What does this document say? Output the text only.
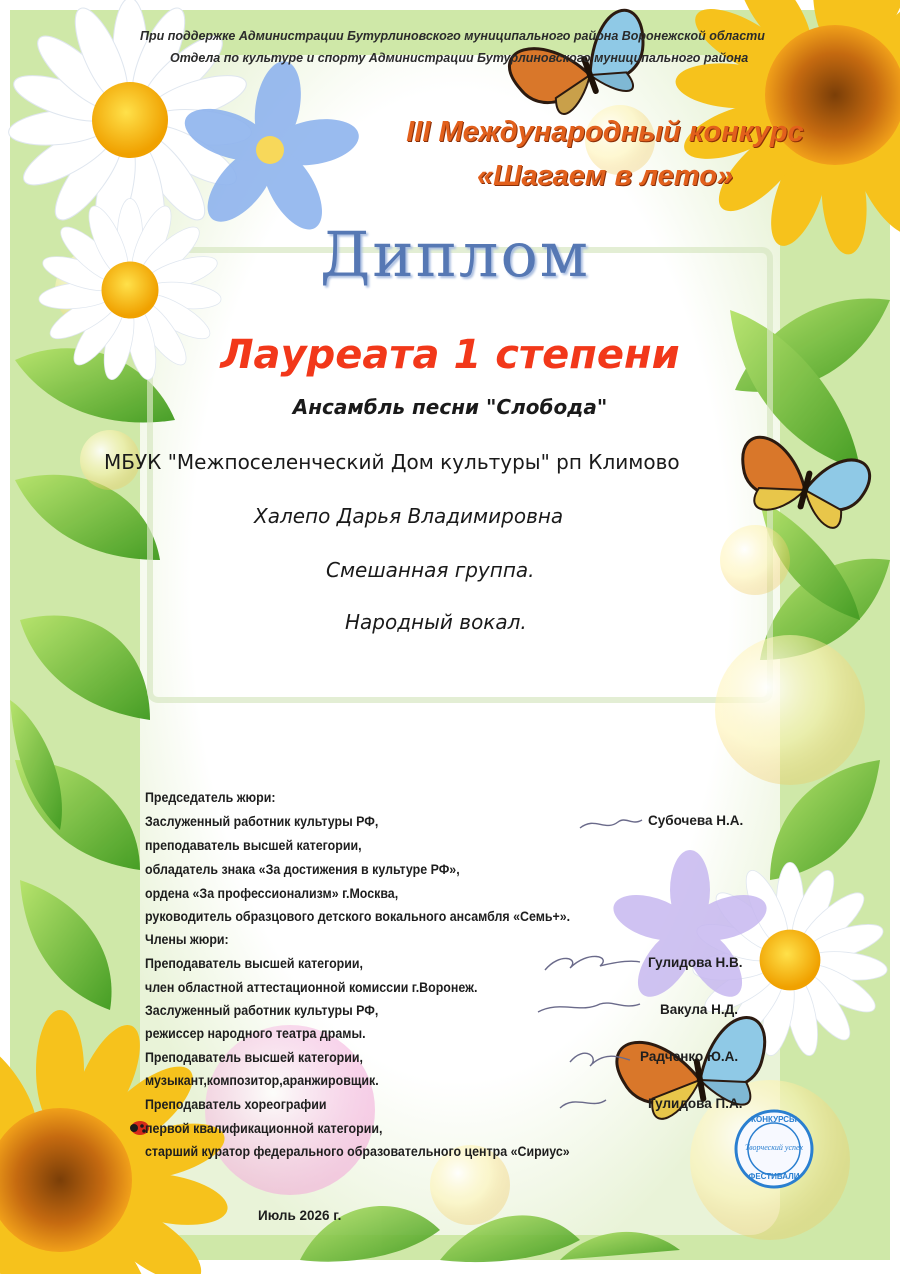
При поддержке Администрации Бутурлиновского муниципального района Воронежской области
Отдела по культуре и спорту Администрации Бутурлиновского муниципального района
III Международный конкурс
«Шагаем в лето»
Диплом
Лауреата 1 степени
Ансамбль песни "Слобода"
МБУК "Межпоселенческий Дом культуры" рп Климово
Халепо Дарья Владимировна
Смешанная группа.
Народный вокал.
Председатель жюри:
Заслуженный работник культуры РФ,
преподаватель высшей категории,
обладатель знака «За достижения в культуре РФ»,
ордена «За профессионализм» г.Москва,
руководитель образцового детского вокального ансамбля «Семь+».
Субочева Н.А.
Члены жюри:
Преподаватель высшей категории,
член областной аттестационной комиссии г.Воронеж.
Заслуженный работник культуры РФ,
режиссер народного театра драмы.
Преподаватель высшей категории,
музыкант,композитор,аранжировщик.
Преподаватель хореографии
первой квалификационной категории,
старший куратор федерального образовательного центра «Сириус»
Гулидова Н.В.
Вакула Н.Д.
Радченко Ю.А.
Гулидова П.А.
Июль 2026 г.
КОНКУРСЫ
Творческий успех
ФЕСТИВАЛИ
